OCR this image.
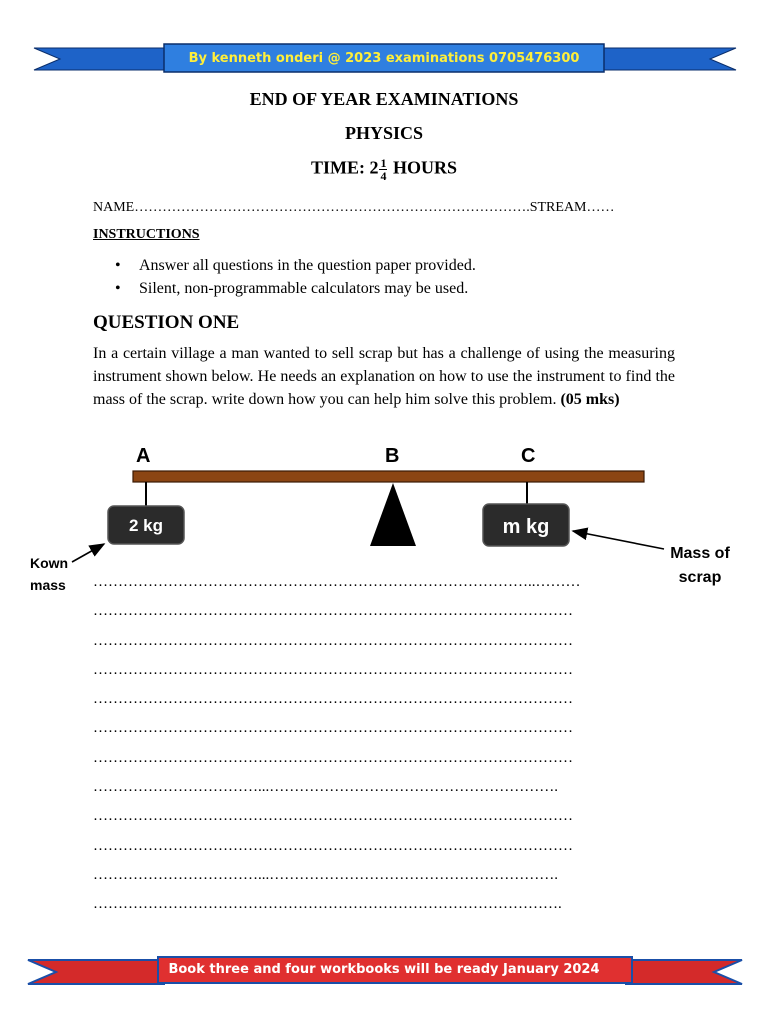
By kenneth onderi @ 2023 examinations 0705476300
END OF YEAR EXAMINATIONS
PHYSICS
TIME: $2 \frac{1}{4}$ HOURS
NAME………………………………………………………………………….STREAM……
INSTRUCTIONS
• Answer all questions in the question paper provided.
• Silent, non-programmable calculators may be used.
QUESTION ONE
In a certain village a man wanted to sell scrap but has a challenge of using the measuring instrument shown below. He needs an explanation on how to use the instrument to find the mass of the scrap. write down how you can help him solve this problem. (05 mks)
A	B	C
2 kg	m kg
Kown
mass
Mass of
scrap
……………………………………………………………………………..………
……………………………………………………………………………………
……………………………………………………………………………………
……………………………………………………………………………………
……………………………………………………………………………………
……………………………………………………………………………………
……………………………………………………………………………………
……………………………...………………………………………………….
……………………………………………………………………………………
……………………………………………………………………………………
……………………………...………………………………………………….
………………………………………………………………………………….
Book three and four workbooks will be ready January 2024
